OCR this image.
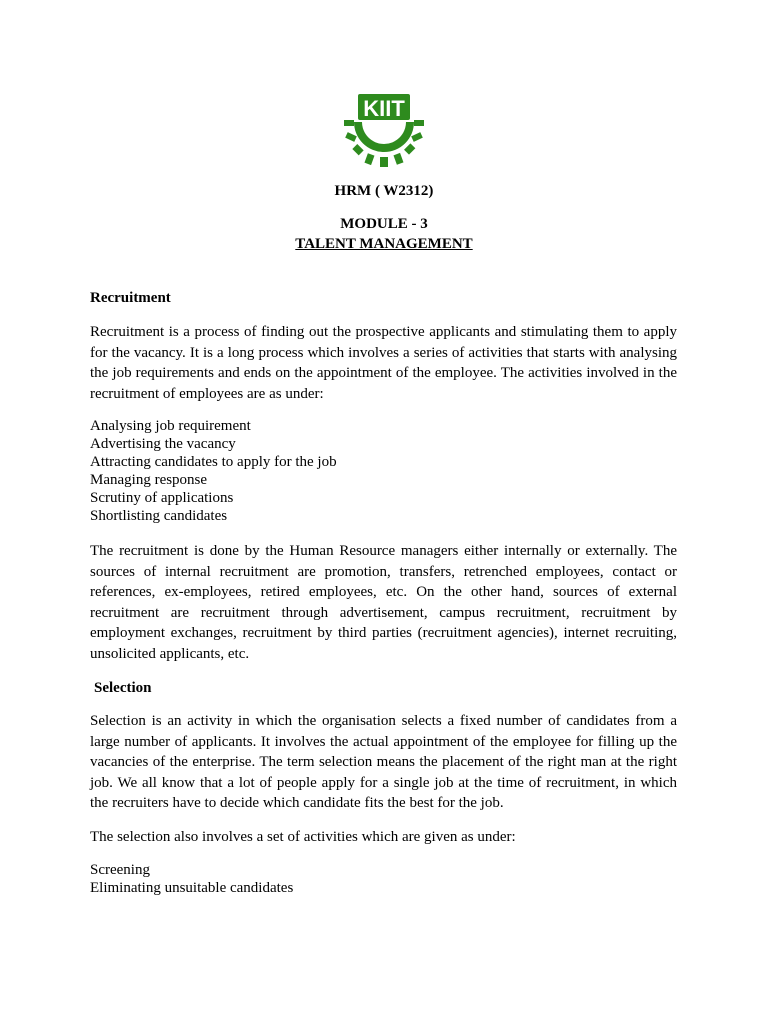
KIIT
HRM ( W2312)
MODULE - 3
TALENT MANAGEMENT
Recruitment
Recruitment is a process of finding out the prospective applicants and stimulating them to apply for the vacancy. It is a long process which involves a series of activities that starts with analysing the job requirements and ends on the appointment of the employee. The activities involved in the recruitment of employees are as under:
Analysing job requirement
Advertising the vacancy
Attracting candidates to apply for the job
Managing response
Scrutiny of applications
Shortlisting candidates
The recruitment is done by the Human Resource managers either internally or externally. The sources of internal recruitment are promotion, transfers, retrenched employees, contact or references, ex-employees, retired employees, etc. On the other hand, sources of external recruitment are recruitment through advertisement, campus recruitment, recruitment by employment exchanges, recruitment by third parties (recruitment agencies), internet recruiting, unsolicited applicants, etc.
Selection
Selection is an activity in which the organisation selects a fixed number of candidates from a large number of applicants. It involves the actual appointment of the employee for filling up the vacancies of the enterprise. The term selection means the placement of the right man at the right job. We all know that a lot of people apply for a single job at the time of recruitment, in which the recruiters have to decide which candidate fits the best for the job.
The selection also involves a set of activities which are given as under:
Screening
Eliminating unsuitable candidates
